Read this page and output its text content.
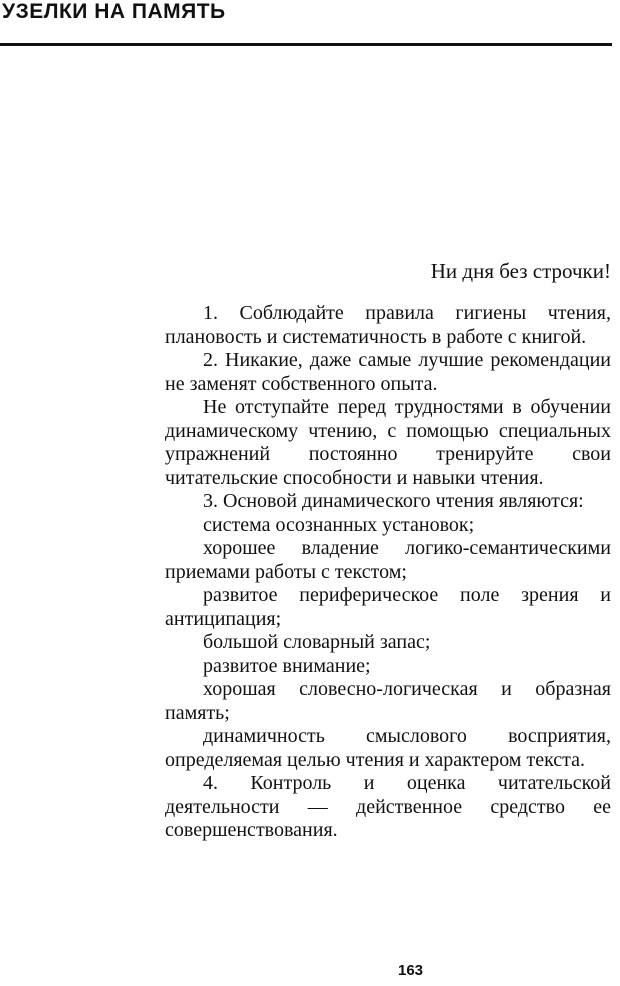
УЗЕЛКИ НА ПАМЯТЬ
Ни дня без строчки!

1. Соблюдайте правила гигиены чтения, плановость и систематичность в работе с книгой.

2. Никакие, даже самые лучшие рекомендации не заменят собственного опыта.

Не отступайте перед трудностями в обучении динамическому чтению, с помощью специальных упражнений постоянно тренируйте свои читательские способности и навыки чтения.

3. Основой динамического чтения являются:

система осознанных установок;

хорошее владение логико-семантическими приемами работы с текстом;

развитое периферическое поле зрения и антиципация;

большой словарный запас;

развитое внимание;

хорошая словесно-логическая и образная память;

динамичность смыслового восприятия, определяемая целью чтения и характером текста.

4. Контроль и оценка читательской деятельности — действенное средство ее совершенствования.

163
